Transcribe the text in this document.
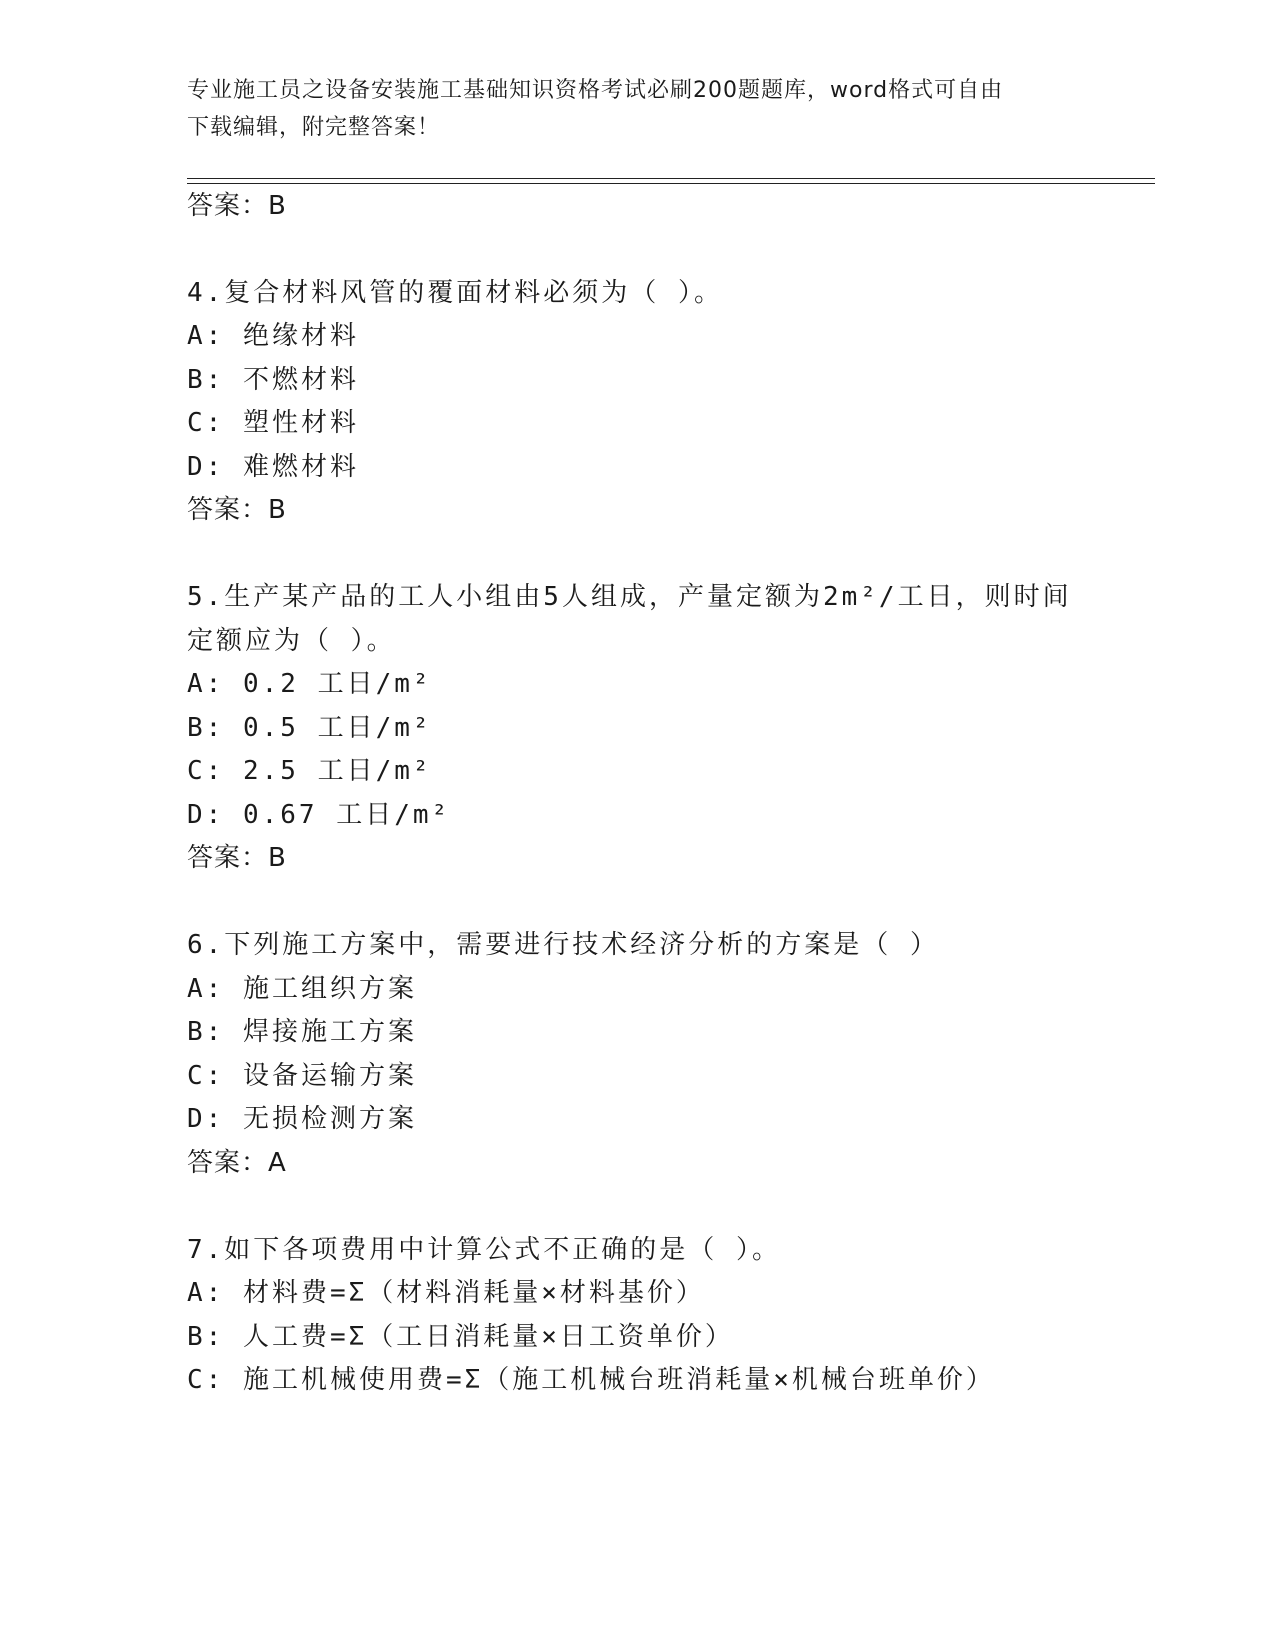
专业施工员之设备安装施工基础知识资格考试必刷200题题库，word格式可自由
下载编辑，附完整答案！
答案：B
4.复合材料风管的覆面材料必须为（ ）。
A: 绝缘材料
B: 不燃材料
C: 塑性材料
D: 难燃材料
答案：B
5.生产某产品的工人小组由5人组成，产量定额为2m²/工日，则时间
定额应为（ ）。
A: 0.2 工日/m²
B: 0.5 工日/m²
C: 2.5 工日/m²
D: 0.67 工日/m²
答案：B
6.下列施工方案中，需要进行技术经济分析的方案是（ ）
A: 施工组织方案
B: 焊接施工方案
C: 设备运输方案
D: 无损检测方案
答案：A
7.如下各项费用中计算公式不正确的是（ ）。
A: 材料费=Σ（材料消耗量×材料基价）
B: 人工费=Σ（工日消耗量×日工资单价）
C: 施工机械使用费=Σ（施工机械台班消耗量×机械台班单价）
